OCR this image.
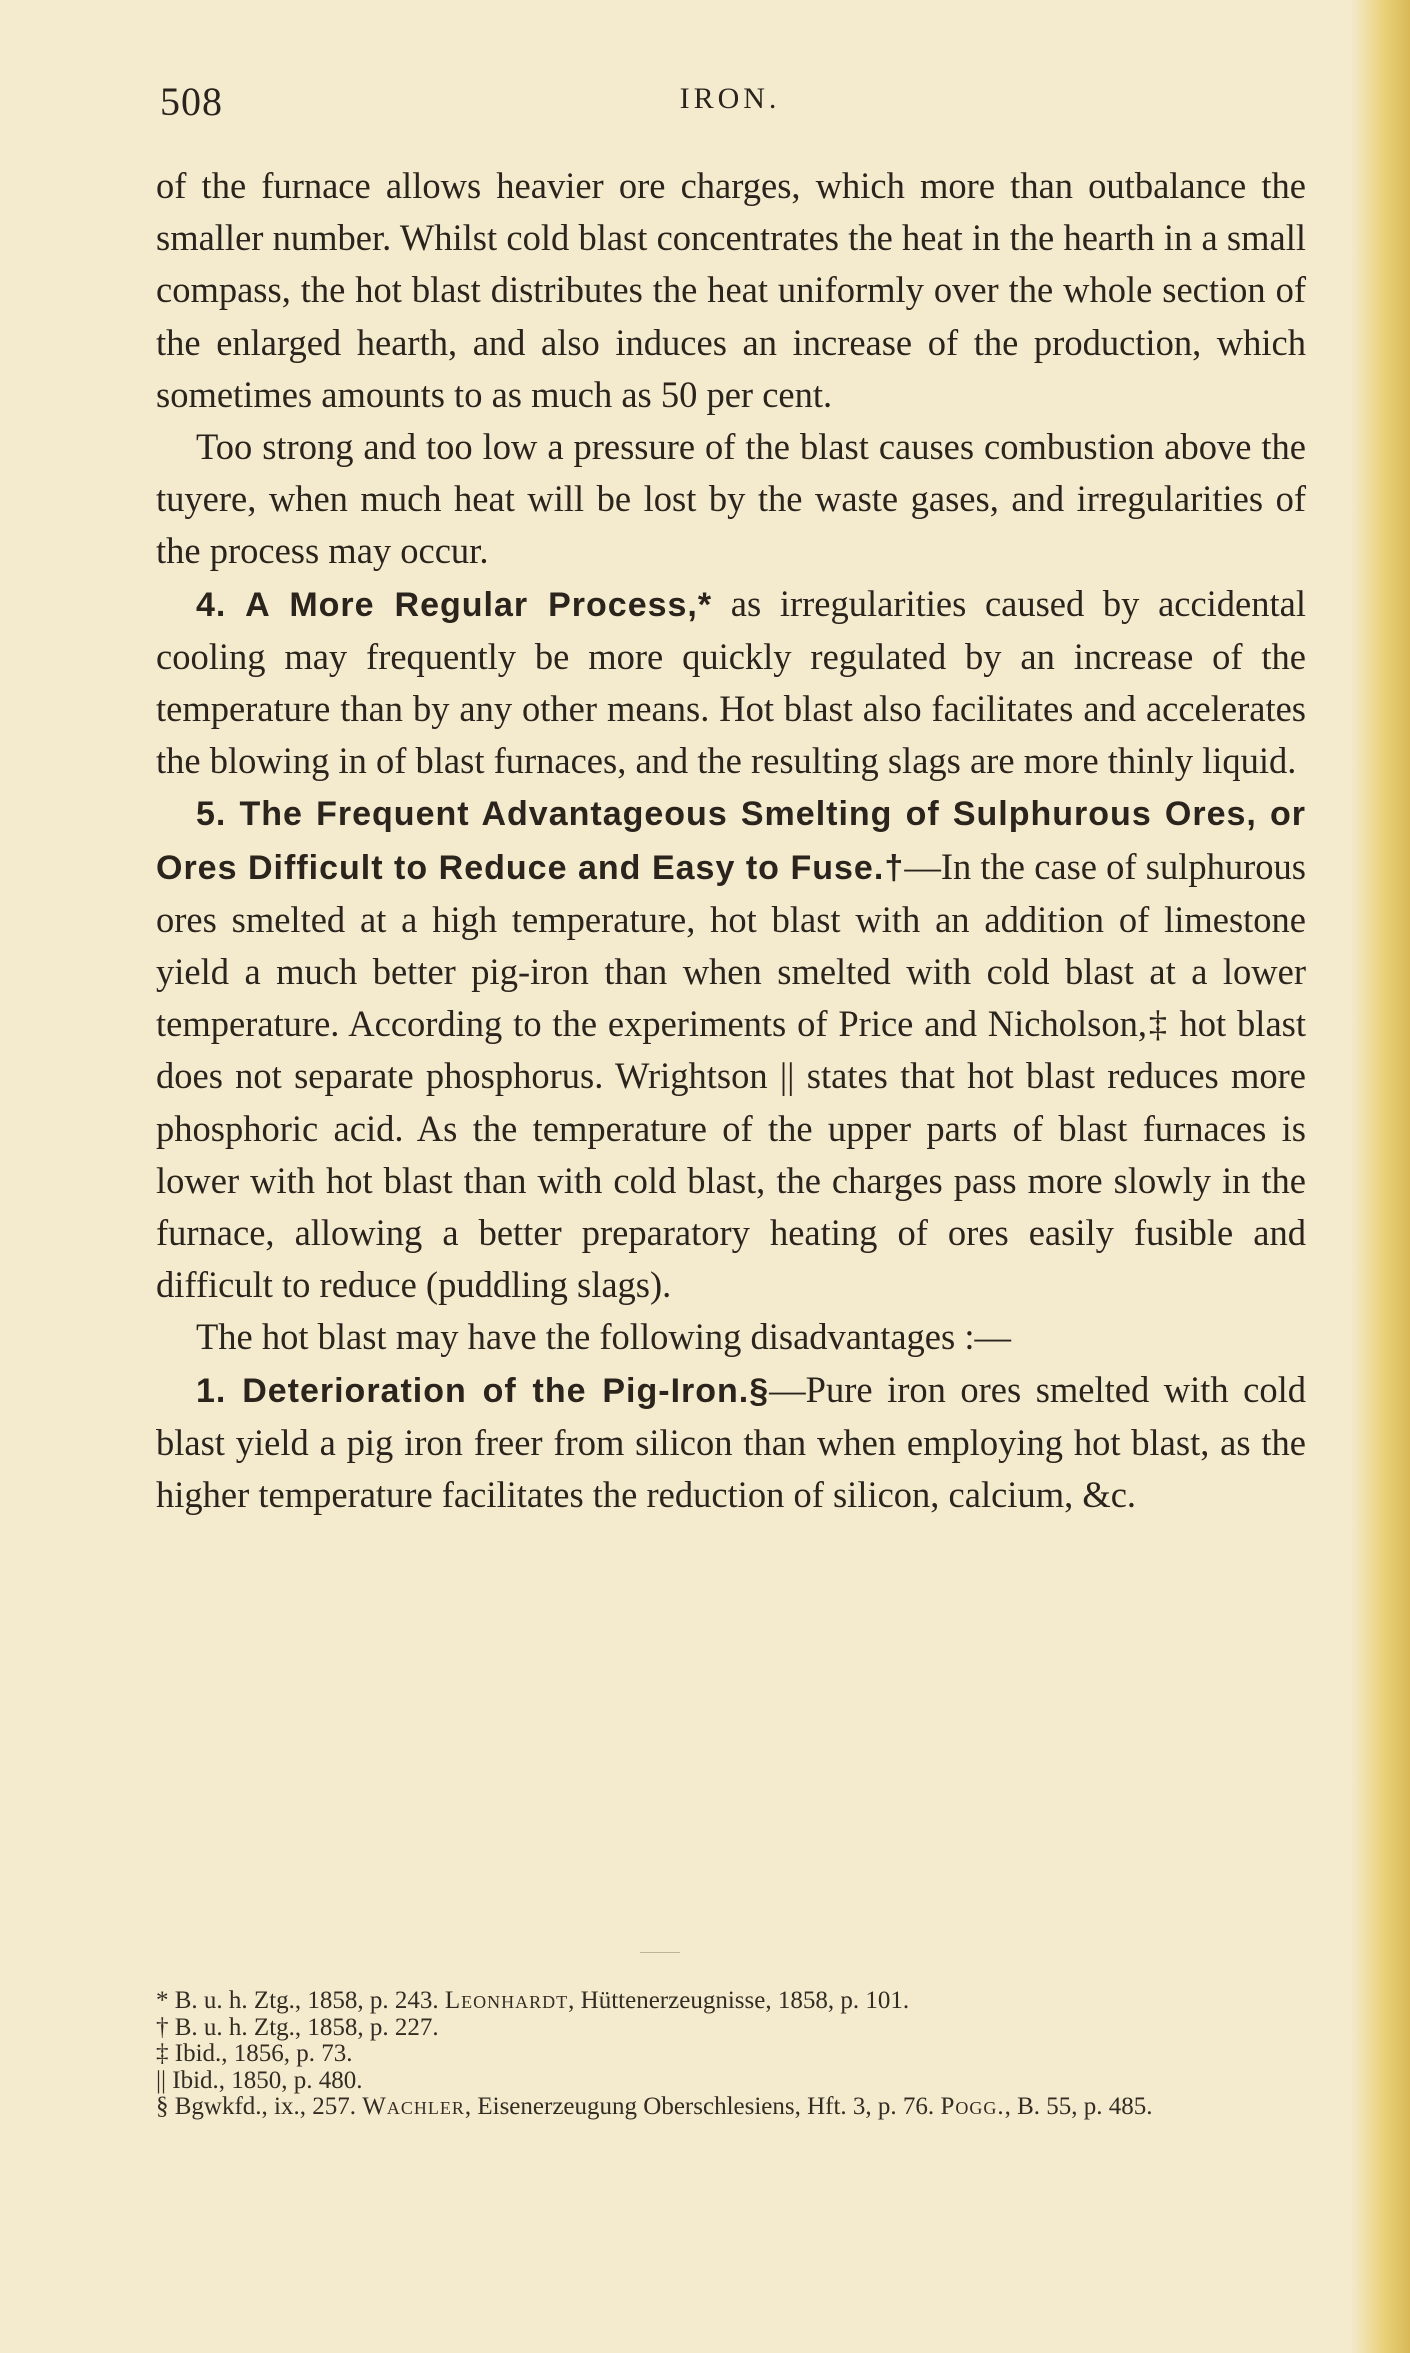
508	IRON.

of the furnace allows heavier ore charges, which more than outbalance the smaller number. Whilst cold blast concentrates the heat in the hearth in a small compass, the hot blast distributes the heat uniformly over the whole section of the enlarged hearth, and also induces an increase of the production, which sometimes amounts to as much as 50 per cent.

Too strong and too low a pressure of the blast causes combustion above the tuyere, when much heat will be lost by the waste gases, and irregularities of the process may occur.

4. A More Regular Process,* as irregularities caused by accidental cooling may frequently be more quickly regulated by an increase of the temperature than by any other means. Hot blast also facilitates and accelerates the blowing in of blast furnaces, and the resulting slags are more thinly liquid.

5. The Frequent Advantageous Smelting of Sulphurous Ores, or Ores Difficult to Reduce and Easy to Fuse.†—In the case of sulphurous ores smelted at a high temperature, hot blast with an addition of limestone yield a much better pig-iron than when smelted with cold blast at a lower temperature. According to the experiments of Price and Nicholson,‡ hot blast does not separate phosphorus. Wrightson || states that hot blast reduces more phosphoric acid. As the temperature of the upper parts of blast furnaces is lower with hot blast than with cold blast, the charges pass more slowly in the furnace, allowing a better preparatory heating of ores easily fusible and difficult to reduce (puddling slags).

The hot blast may have the following disadvantages :—

1. Deterioration of the Pig-Iron.§—Pure iron ores smelted with cold blast yield a pig iron freer from silicon than when employing hot blast, as the higher temperature facilitates the reduction of silicon, calcium, &c.

* B. u. h. Ztg., 1858, p. 243. Leonhardt, Hüttenerzeugnisse, 1858, p. 101.

† B. u. h. Ztg., 1858, p. 227.

‡ Ibid., 1856, p. 73.

|| Ibid., 1850, p. 480.

§ Bgwkfd., ix., 257. Wachler, Eisenerzeugung Oberschlesiens, Hft. 3, p. 76. Pogg., B. 55, p. 485.
